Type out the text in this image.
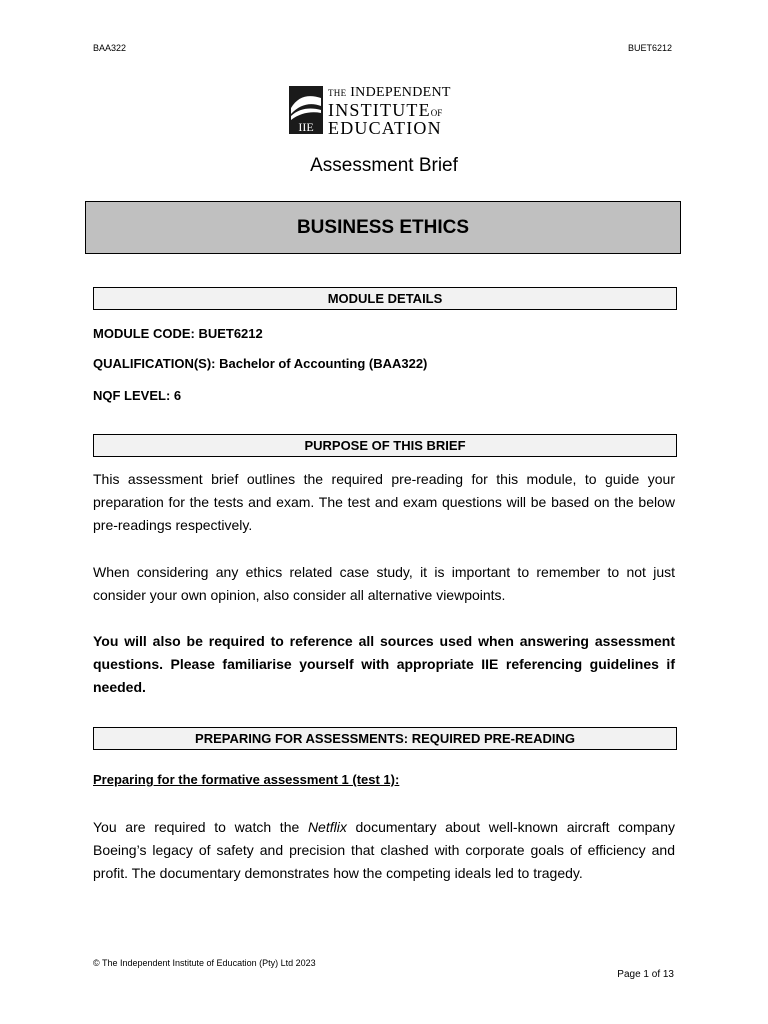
BAA322	BUET6212
IIE
THE INDEPENDENT
INSTITUTEOF
EDUCATION
Assessment Brief
BUSINESS ETHICS
MODULE DETAILS
MODULE CODE: BUET6212
QUALIFICATION(S): Bachelor of Accounting (BAA322)
NQF LEVEL: 6
PURPOSE OF THIS BRIEF
This assessment brief outlines the required pre-reading for this module, to guide your
preparation for the tests and exam. The test and exam questions will be based on the below
pre-readings respectively.
When considering any ethics related case study, it is important to remember to not just
consider your own opinion, also consider all alternative viewpoints.
You will also be required to reference all sources used when answering assessment
questions. Please familiarise yourself with appropriate IIE referencing guidelines if
needed.
PREPARING FOR ASSESSMENTS: REQUIRED PRE-READING
Preparing for the formative assessment 1 (test 1):
You are required to watch the Netflix documentary about well-known aircraft company
Boeing’s legacy of safety and precision that clashed with corporate goals of efficiency and
profit. The documentary demonstrates how the competing ideals led to tragedy.
© The Independent Institute of Education (Pty) Ltd 2023
Page 1 of 13
